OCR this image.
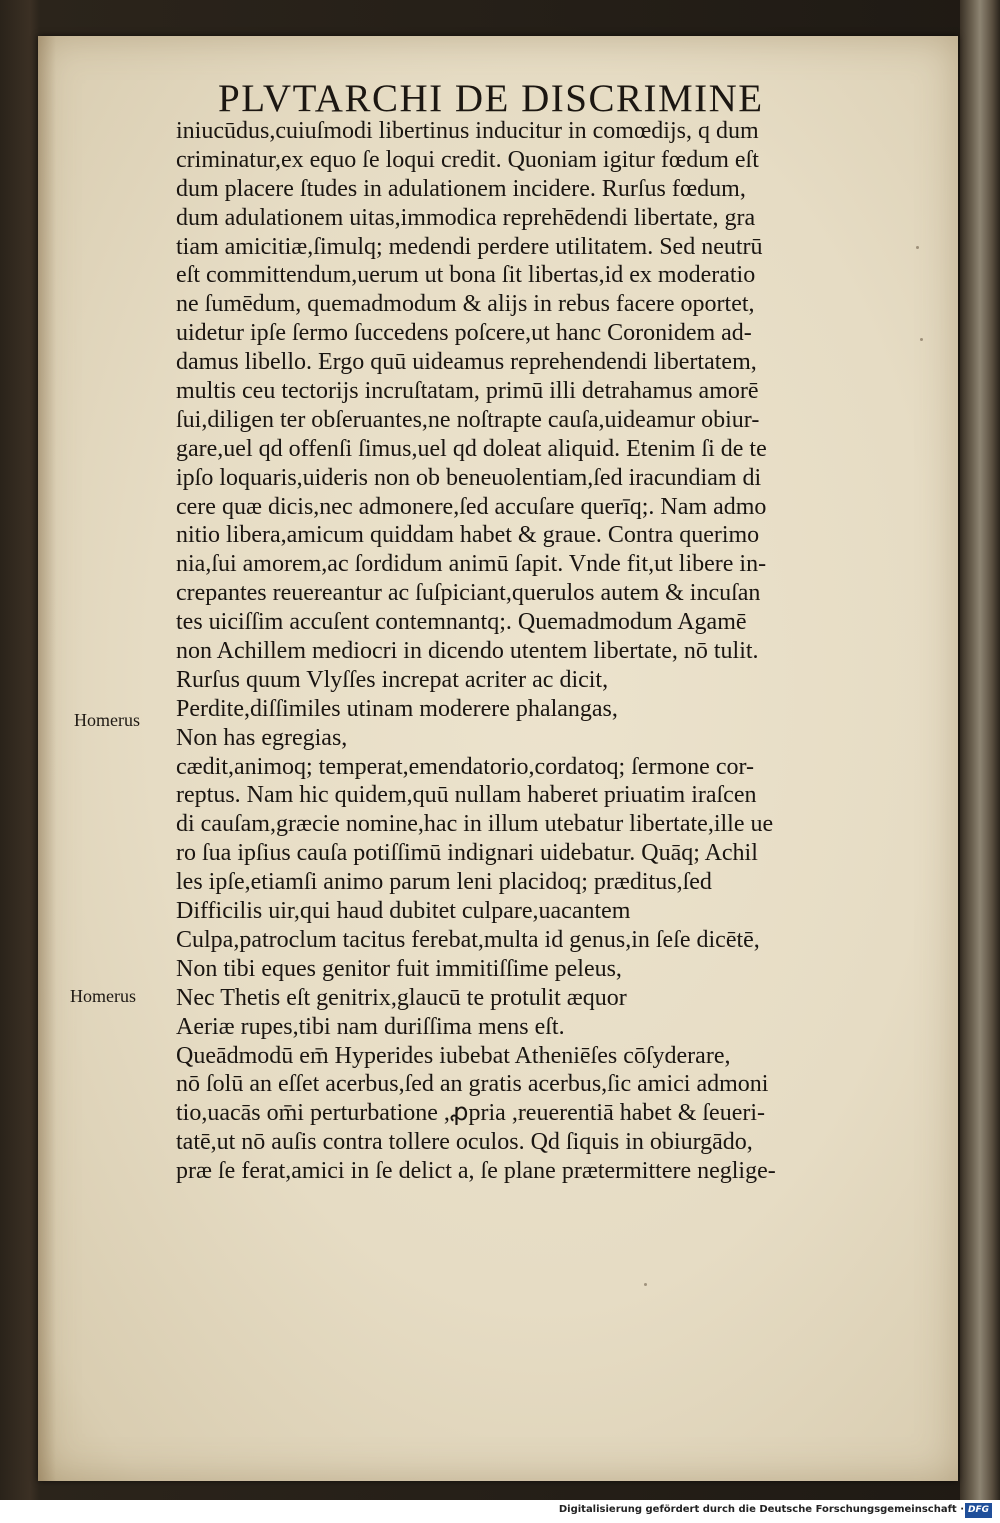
PLVTARCHI DE DISCRIMINE
iniucūdus,cuiuſmodi libertinus inducitur in comœdijs, q dum
criminatur,ex equo ſe loqui credit. Quoniam igitur fœdum eſt
dum placere ſtudes in adulationem incidere. Rurſus fœdum,
dum adulationem uitas,immodica reprehēdendi libertate, gra
tiam amicitiæ,ſimulq; medendi perdere utilitatem. Sed neutrū
eſt committendum,uerum ut bona ſit libertas,id ex moderatio
ne ſumēdum, quemadmodum & alijs in rebus facere oportet,
uidetur ipſe ſermo ſuccedens poſcere,ut hanc Coronidem ad-
damus libello. Ergo quū uideamus reprehendendi libertatem,
multis ceu tectorijs incruſtatam, primū illi detrahamus amorē
ſui,diligen ter obſeruantes,ne noſtrapte cauſa,uideamur obiur-
gare,uel qd offenſi ſimus,uel qd doleat aliquid. Etenim ſi de te
ipſo loquaris,uideris non ob beneuolentiam,ſed iracundiam di
cere quæ dicis,nec admonere,ſed accuſare querīq;. Nam admo
nitio libera,amicum quiddam habet & graue. Contra querimo
nia,ſui amorem,ac ſordidum animū ſapit. Vnde fit,ut libere in-
crepantes reuereantur ac ſuſpiciant,querulos autem & incuſan
tes uiciſſim accuſent contemnantq;. Quemadmodum Agamē
non Achillem mediocri in dicendo utentem libertate, nō tulit.
Rurſus quum Vlyſſes increpat acriter ac dicit,
Perdite,diſſimiles utinam moderere phalangas,
Non has egregias,
cædit,animoq; temperat,emendatorio,cordatoq; ſermone cor-
reptus. Nam hic quidem,quū nullam haberet priuatim iraſcen
di cauſam,græcie nomine,hac in illum utebatur libertate,ille ue
ro ſua ipſius cauſa potiſſimū indignari uidebatur. Quāq; Achil
les ipſe,etiamſi animo parum leni placidoq; præditus,ſed
Difficilis uir,qui haud dubitet culpare,uacantem
Culpa,patroclum tacitus ferebat,multa id genus,in ſeſe dicētē,
Non tibi eques genitor fuit immitiſſime peleus,
Nec Thetis eſt genitrix,glaucū te protulit æquor
Aeriæ rupes,tibi nam duriſſima mens eſt.
Queādmodū em̄ Hyperides iubebat Atheniēſes cōſyderare,
nō ſolū an eſſet acerbus,ſed an gratis acerbus,ſic amici admoni
tio,uacās om̄i perturbatione ,ꝓpria ,reuerentiā habet & ſeueri-
tatē,ut nō auſis contra tollere oculos. Qd ſiquis in obiurgādo,
præ ſe ferat,amici in ſe delict a, ſe plane prætermittere neglige-
Homerus
Homerus
Digitalisierung gefördert durch die Deutsche Forschungsgemeinschaft · DFG
